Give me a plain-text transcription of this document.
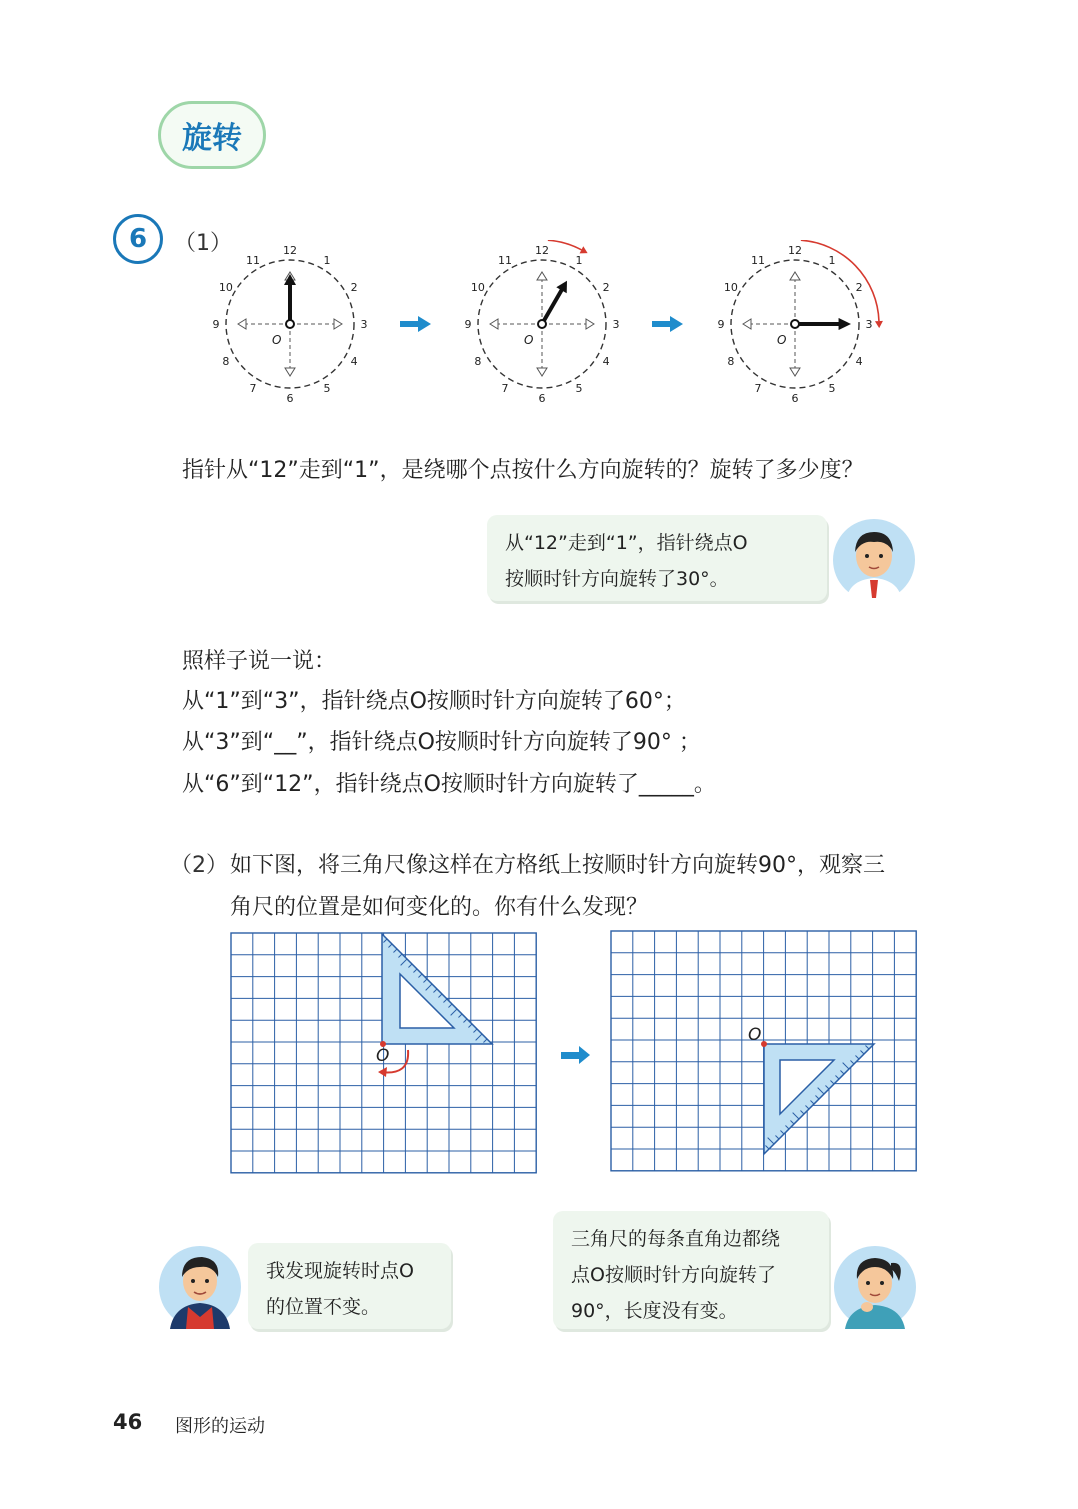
旋转
6	（1）	12
1
2
3
4
5
6
7
8
9
10
11
O
12
1
2
3
4
5
6
7
8
9
10
11
O
12
1
2
3
4
5
6
7
8
9
10
11
O
指针从“12”走到“1”，是绕哪个点按什么方向旋转的？旋转了多少度？
从“12”走到“1”，指针绕点O
按顺时针方向旋转了30°。
照样子说一说：
从“1”到“3”，指针绕点O按顺时针方向旋转了60°；
从“3”到“__”，指针绕点O按顺时针方向旋转了90° ；
从“6”到“12”，指针绕点O按顺时针方向旋转了_____。
（2） 如下图，将三角尺像这样在方格纸上按顺时针方向旋转90°，观察三
角尺的位置是如何变化的。你有什么发现？
O
O
我发现旋转时点O
的位置不变。
三角尺的每条直角边都绕
点O按顺时针方向旋转了
90°，长度没有变。
46 图形的运动
